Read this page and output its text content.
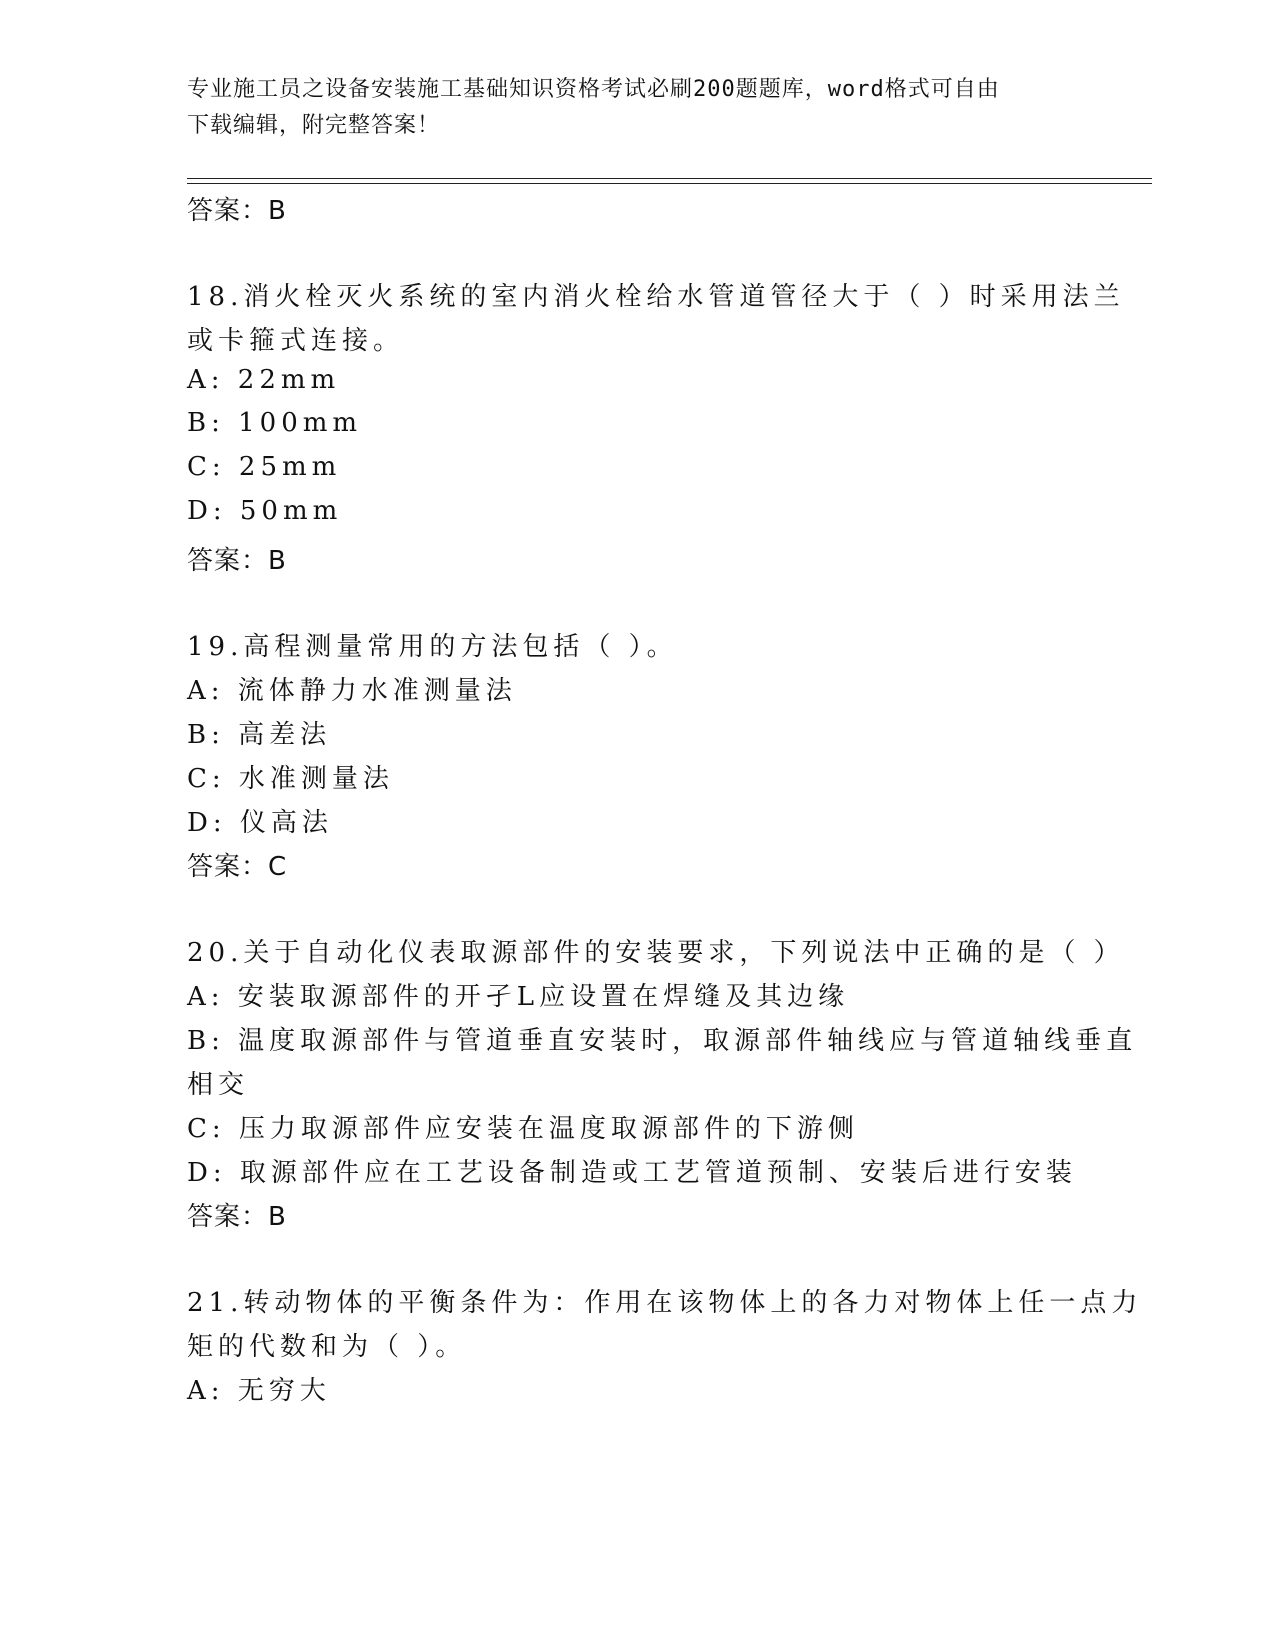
专业施工员之设备安装施工基础知识资格考试必刷200题题库，word格式可自由
下载编辑，附完整答案！
答案：B
18.消火栓灭火系统的室内消火栓给水管道管径大于（ ）时采用法兰
或卡箍式连接。
A: 22mm
B: 100mm
C: 25mm
D: 50mm
答案：B
19.高程测量常用的方法包括（ ）。
A: 流体静力水准测量法
B: 高差法
C: 水准测量法
D: 仪高法
答案：C
20.关于自动化仪表取源部件的安装要求，下列说法中正确的是（ ）
A: 安装取源部件的开孑L应设置在焊缝及其边缘
B: 温度取源部件与管道垂直安装时，取源部件轴线应与管道轴线垂直
相交
C: 压力取源部件应安装在温度取源部件的下游侧
D: 取源部件应在工艺设备制造或工艺管道预制、安装后进行安装
答案：B
21.转动物体的平衡条件为：作用在该物体上的各力对物体上任一点力
矩的代数和为（ ）。
A: 无穷大
